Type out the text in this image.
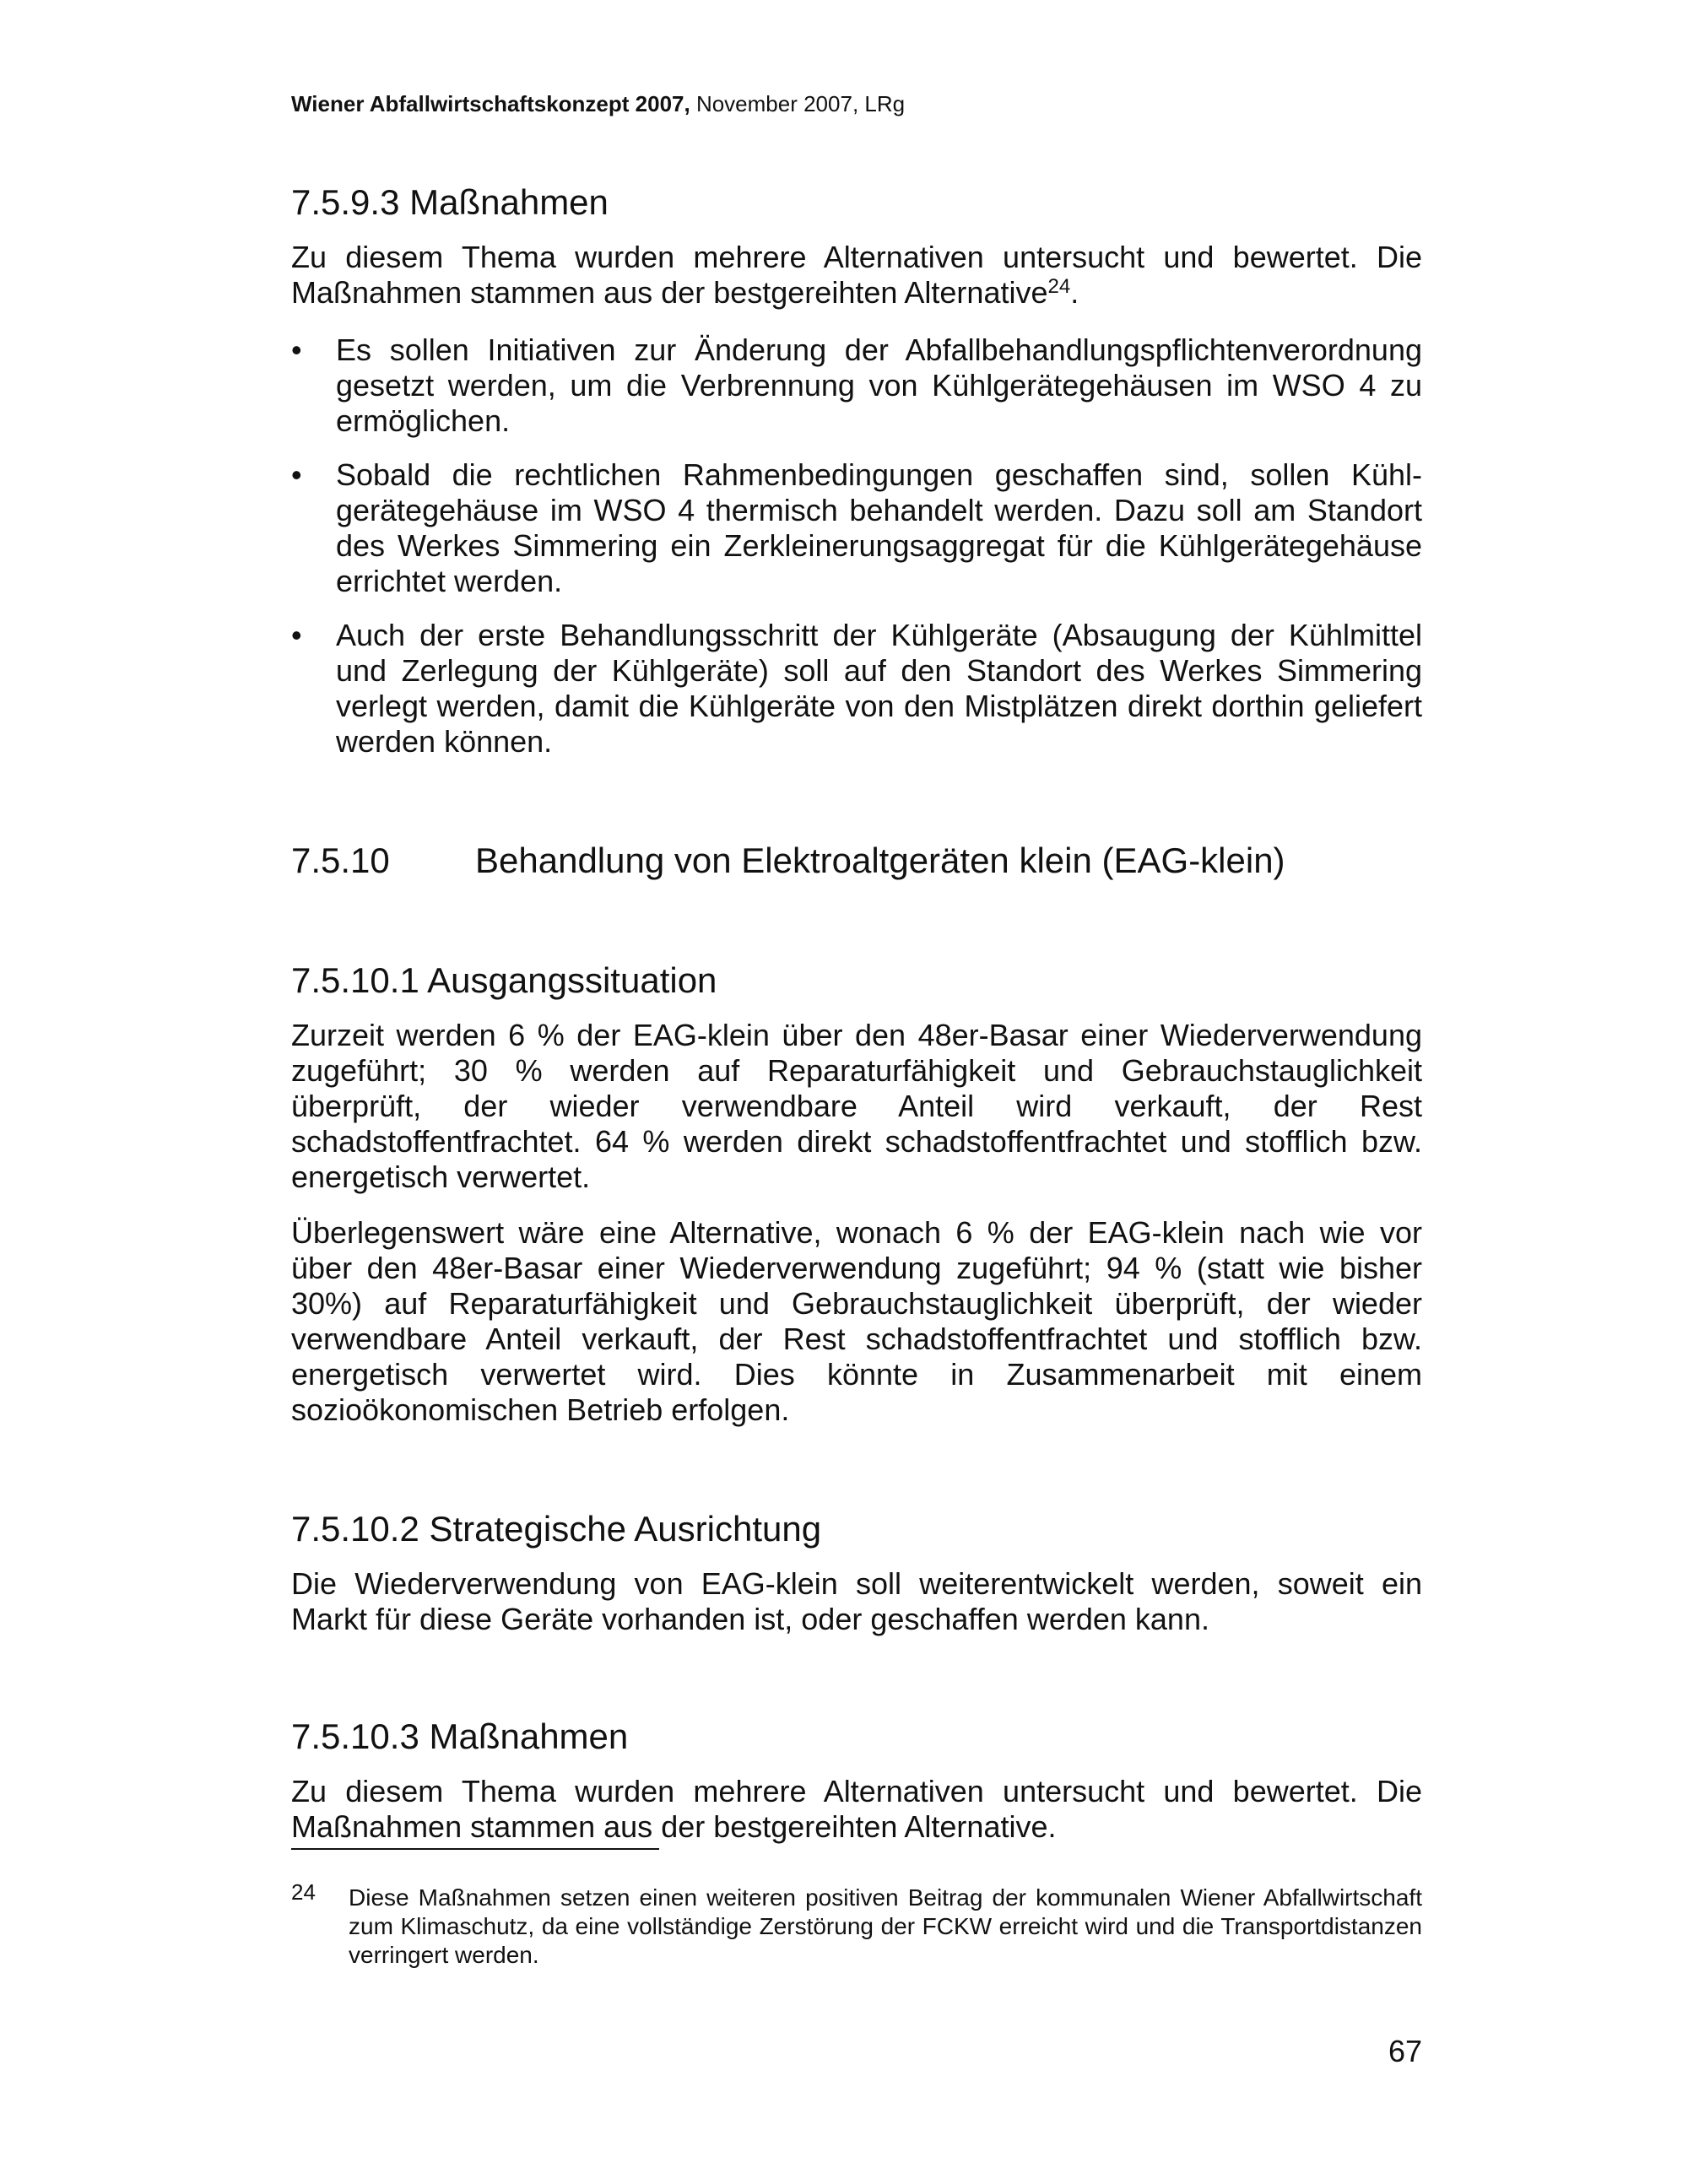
Wiener Abfallwirtschaftskonzept 2007, November 2007, LRg
7.5.9.3 Maßnahmen

Zu diesem Thema wurden mehrere Alternativen untersucht und bewertet. Die Maßnahmen stammen aus der bestgereihten Alternative$^{24}$.

• Es sollen Initiativen zur Änderung der Abfallbehandlungspflichtenverordnung gesetzt werden, um die Verbrennung von Kühlgerätegehäusen im WSO 4 zu ermöglichen.

• Sobald die rechtlichen Rahmenbedingungen geschaffen sind, sollen Kühl-gerätegehäuse im WSO 4 thermisch behandelt werden. Dazu soll am Standort des Werkes Simmering ein Zerkleinerungsaggregat für die Kühlgerätegehäuse errichtet werden.

• Auch der erste Behandlungsschritt der Kühlgeräte (Absaugung der Kühlmittel und Zerlegung der Kühlgeräte) soll auf den Standort des Werkes Simmering verlegt werden, damit die Kühlgeräte von den Mistplätzen direkt dorthin geliefert werden können.

7.5.10 Behandlung von Elektroaltgeräten klein (EAG-klein)
7.5.10.1 Ausgangssituation

Zurzeit werden 6 % der EAG-klein über den 48er-Basar einer Wiederverwendung zugeführt; 30 % werden auf Reparaturfähigkeit und Gebrauchstauglichkeit überprüft, der wieder verwendbare Anteil wird verkauft, der Rest schadstoffentfrachtet. 64 % werden direkt schadstoffentfrachtet und stofflich bzw. energetisch verwertet.

Überlegenswert wäre eine Alternative, wonach 6 % der EAG-klein nach wie vor über den 48er-Basar einer Wiederverwendung zugeführt; 94 % (statt wie bisher 30%) auf Reparaturfähigkeit und Gebrauchstauglichkeit überprüft, der wieder verwendbare Anteil verkauft, der Rest schadstoffentfrachtet und stofflich bzw. energetisch verwertet wird. Dies könnte in Zusammenarbeit mit einem sozioökonomischen Betrieb erfolgen.

7.5.10.2 Strategische Ausrichtung

Die Wiederverwendung von EAG-klein soll weiterentwickelt werden, soweit ein Markt für diese Geräte vorhanden ist, oder geschaffen werden kann.

7.5.10.3 Maßnahmen

Zu diesem Thema wurden mehrere Alternativen untersucht und bewertet. Die Maßnahmen stammen aus der bestgereihten Alternative.

24 Diese Maßnahmen setzen einen weiteren positiven Beitrag der kommunalen Wiener Abfallwirtschaft zum Klimaschutz, da eine vollständige Zerstörung der FCKW erreicht wird und die Transportdistanzen verringert werden.

67
